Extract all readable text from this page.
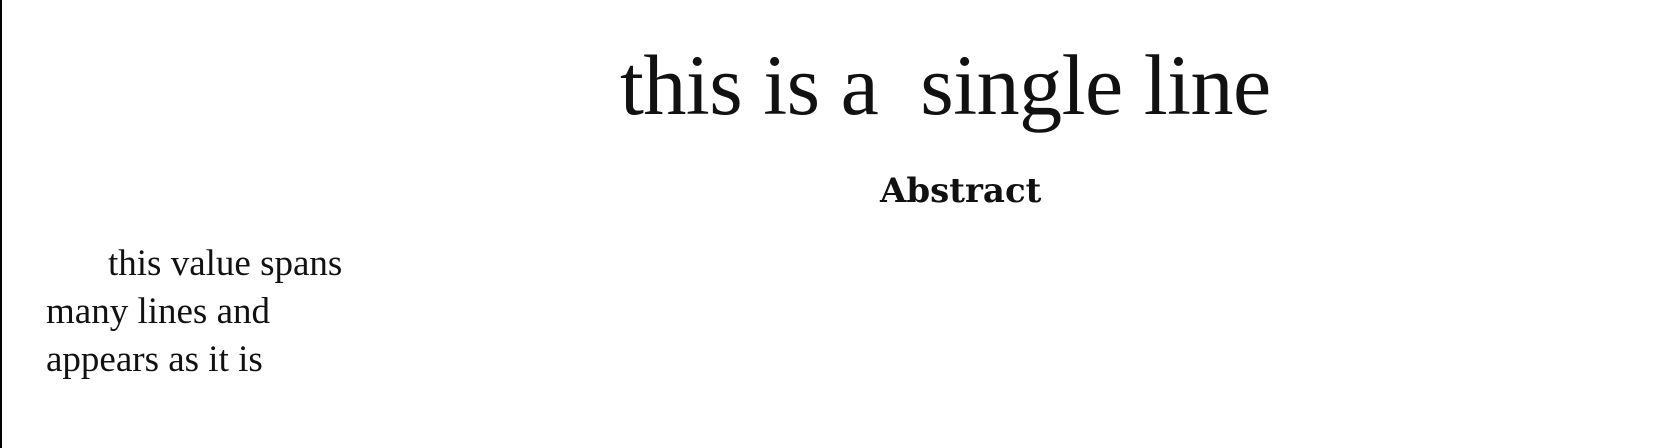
this is a  single line
Abstract
this value spans
many lines and
appears as it is
